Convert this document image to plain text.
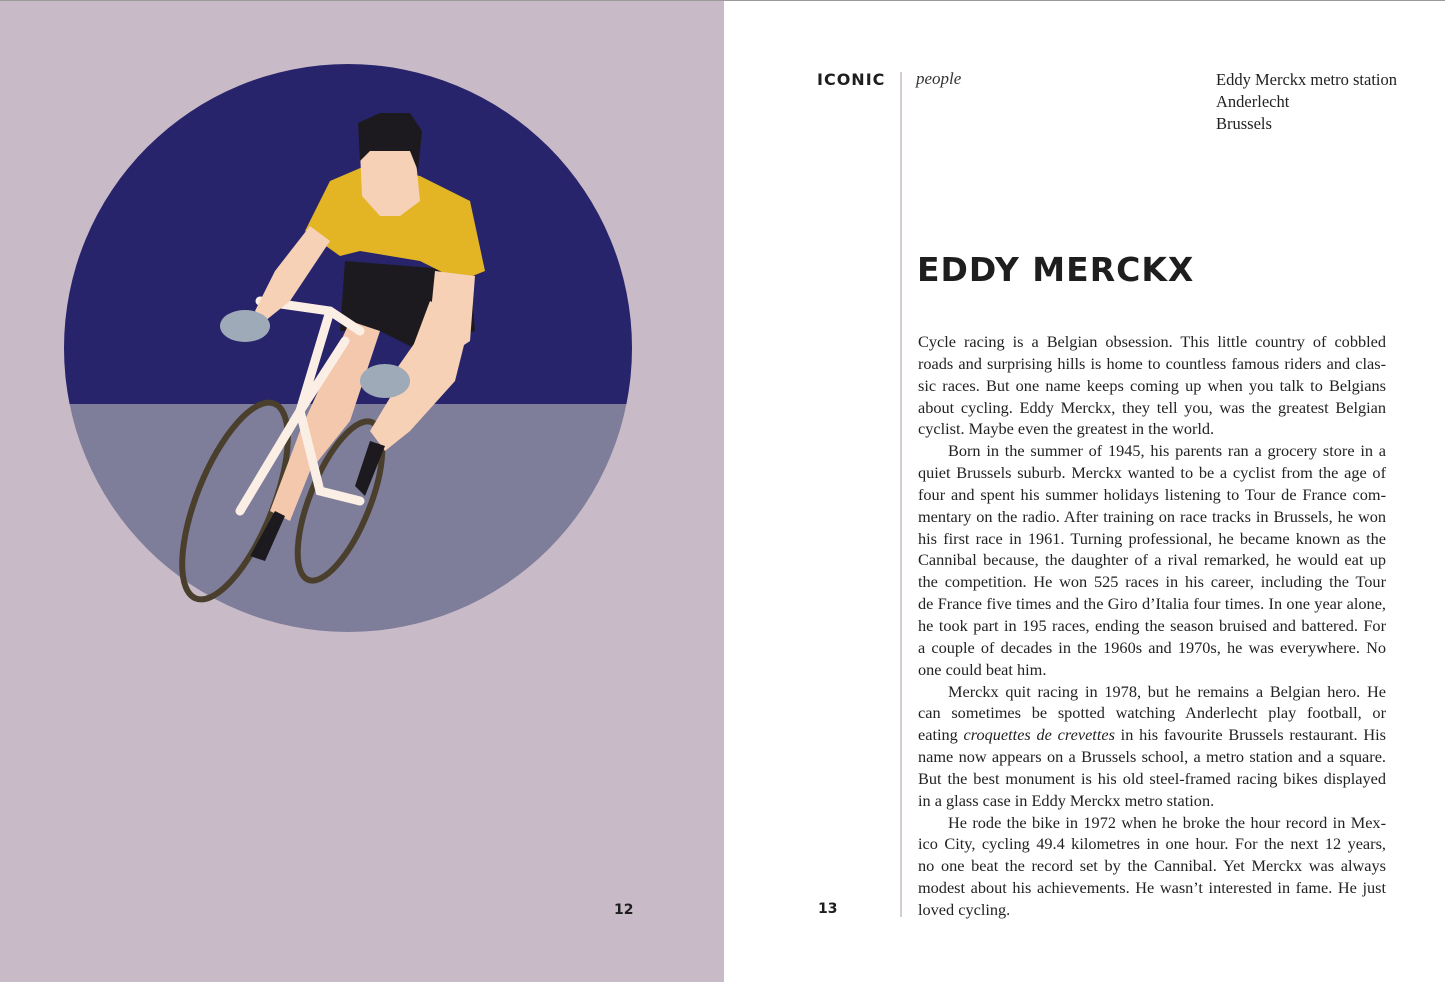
12
ICONIC people	Eddy Merckx metro station
Anderlecht
Brussels
EDDY MERCKX
Cycle racing is a Belgian obsession. This little country of cobbled
roads and surprising hills is home to countless famous riders and clas-
sic races. But one name keeps coming up when you talk to Belgians
about cycling. Eddy Merckx, they tell you, was the greatest Belgian
cyclist. Maybe even the greatest in the world.
Born in the summer of 1945, his parents ran a grocery store in a
quiet Brussels suburb. Merckx wanted to be a cyclist from the age of
four and spent his summer holidays listening to Tour de France com-
mentary on the radio. After training on race tracks in Brussels, he won
his first race in 1961. Turning professional, he became known as the
Cannibal because, the daughter of a rival remarked, he would eat up
the competition. He won 525 races in his career, including the Tour
de France five times and the Giro d’Italia four times. In one year alone,
he took part in 195 races, ending the season bruised and battered. For
a couple of decades in the 1960s and 1970s, he was everywhere. No
one could beat him.
Merckx quit racing in 1978, but he remains a Belgian hero. He
can sometimes be spotted watching Anderlecht play football, or
eating croquettes de crevettes in his favourite Brussels restaurant. His
name now appears on a Brussels school, a metro station and a square.
But the best monument is his old steel-framed racing bikes displayed
in a glass case in Eddy Merckx metro station.
He rode the bike in 1972 when he broke the hour record in Mex-
ico City, cycling 49.4 kilometres in one hour. For the next 12 years,
no one beat the record set by the Cannibal. Yet Merckx was always
modest about his achievements. He wasn’t interested in fame. He just
loved cycling.
13
